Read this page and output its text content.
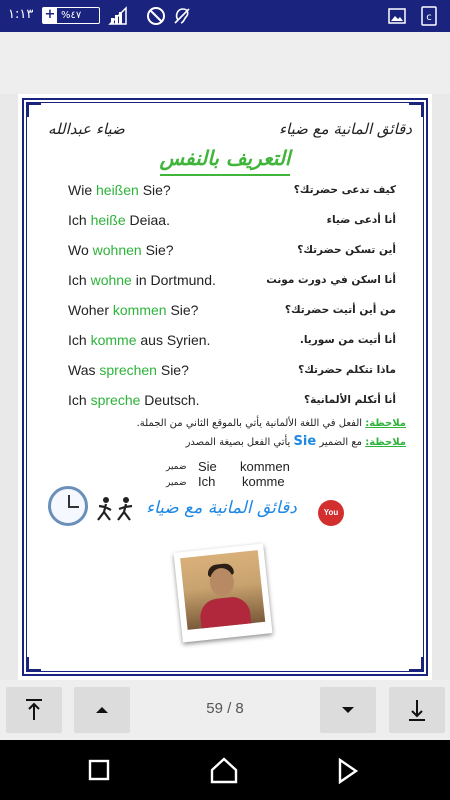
١:١٣ + %٤٧	c
ضياء عبدالله	دقائق المانية مع ضياء
التعريف بالنفس
Wie heißen Sie?	كيف تدعى حضرتك؟
Ich heiße Deiaa.	أنا أدعى ضياء
Wo wohnen Sie?	أين تسكن حضرتك؟
Ich wohne in Dortmund.	أنا اسكن في دورت مونت
Woher kommen Sie?	من أين أتيت حضرتك؟
Ich komme aus Syrien.	أنا أتيت من سوريا.
Was sprechen Sie?	ماذا تتكلم حضرتك؟
Ich spreche Deutsch.	أنا أتكلم الألمانية؟
ملاحظة: الفعل في اللغة الألمانية يأتي بالموقع الثاني من الجملة.
ملاحظة: مع الضمير Sie يأتي الفعل بصيغة المصدر
ضمير Sie kommen
ضمير Ich komme
دقائق المانية مع ضياء	You Tube
59 / 8
